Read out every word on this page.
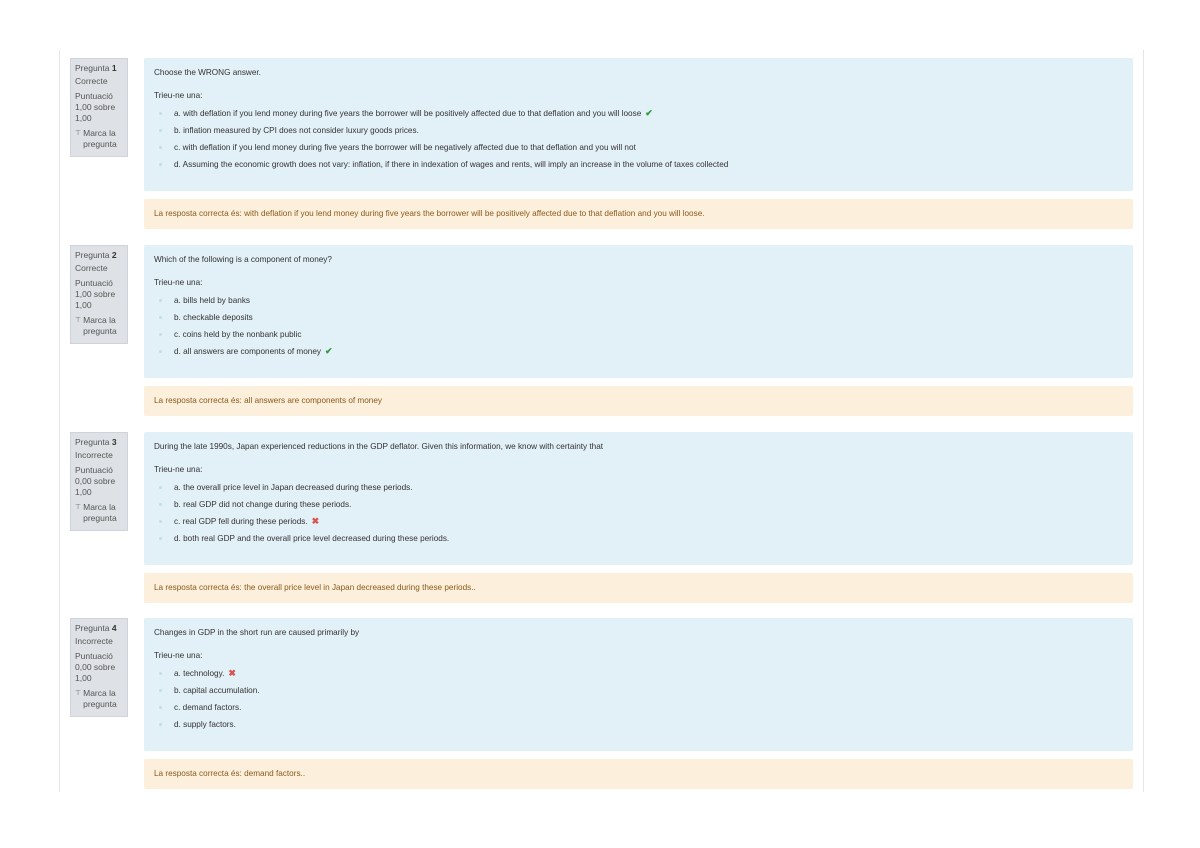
Pregunta 1
Correcte
Puntuació 1,00 sobre 1,00
⊤ Marca la pregunta
Choose the WRONG answer.
Trieu-ne una:
a. with deflation if you lend money during five years the borrower will be positively affected due to that deflation and you will loose ✔
b. inflation measured by CPI does not consider luxury goods prices.
c. with deflation if you lend money during five years the borrower will be negatively affected due to that deflation and you will not
d. Assuming the economic growth does not vary: inflation, if there in indexation of wages and rents, will imply an increase in the volume of taxes collected
La resposta correcta és: with deflation if you lend money during five years the borrower will be positively affected due to that deflation and you will loose.
Pregunta 2
Correcte
Puntuació 1,00 sobre 1,00
⊤ Marca la pregunta
Which of the following is a component of money?
Trieu-ne una:
a. bills held by banks
b. checkable deposits
c. coins held by the nonbank public
d. all answers are components of money ✔
La resposta correcta és: all answers are components of money
Pregunta 3
Incorrecte
Puntuació 0,00 sobre 1,00
⊤ Marca la pregunta
During the late 1990s, Japan experienced reductions in the GDP deflator. Given this information, we know with certainty that
Trieu-ne una:
a. the overall price level in Japan decreased during these periods.
b. real GDP did not change during these periods.
c. real GDP fell during these periods. ✖
d. both real GDP and the overall price level decreased during these periods.
La resposta correcta és: the overall price level in Japan decreased during these periods..
Pregunta 4
Incorrecte
Puntuació 0,00 sobre 1,00
⊤ Marca la pregunta
Changes in GDP in the short run are caused primarily by
Trieu-ne una:
a. technology. ✖
b. capital accumulation.
c. demand factors.
d. supply factors.
La resposta correcta és: demand factors..
